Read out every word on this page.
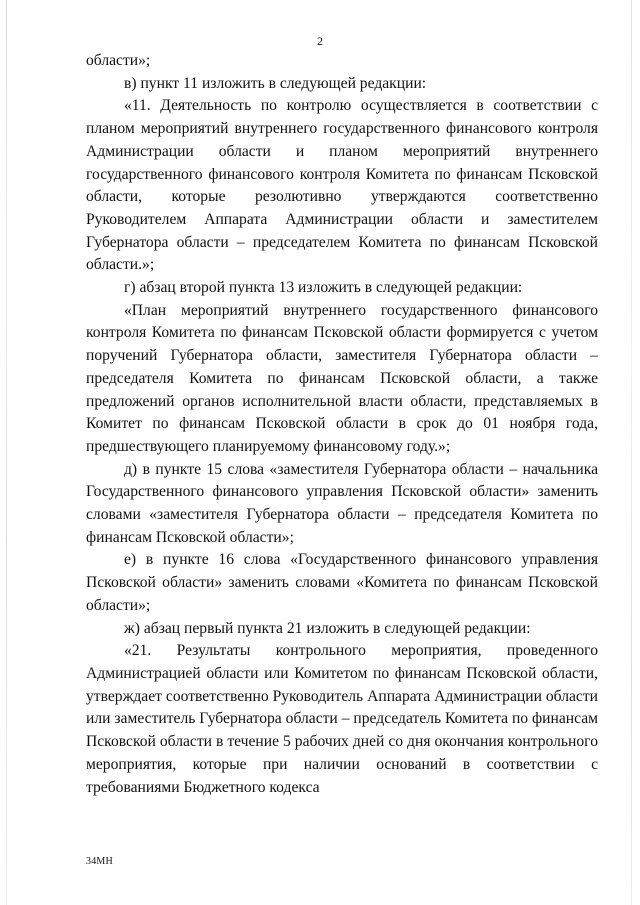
2

области»;

в) пункт 11 изложить в следующей редакции:

«11. Деятельность по контролю осуществляется в соответствии с планом мероприятий внутреннего государственного финансового контроля Администрации области и планом мероприятий внутреннего государственного финансового контроля Комитета по финансам Псковской области, которые резолютивно утверждаются соответственно Руководителем Аппарата Администрации области и заместителем Губернатора области – председателем Комитета по финансам Псковской области.»;

г) абзац второй пункта 13 изложить в следующей редакции:

«План мероприятий внутреннего государственного финансового контроля Комитета по финансам Псковской области формируется с учетом поручений Губернатора области, заместителя Губернатора области – председателя Комитета по финансам Псковской области, а также предложений органов исполнительной власти области, представляемых в Комитет по финансам Псковской области в срок до 01 ноября года, предшествующего планируемому финансовому году.»;

д) в пункте 15 слова «заместителя Губернатора области – начальника Государственного финансового управления Псковской области» заменить словами «заместителя Губернатора области – председателя Комитета по финансам Псковской области»;

е) в пункте 16 слова «Государственного финансового управления Псковской области» заменить словами «Комитета по финансам Псковской области»;

ж) абзац первый пункта 21 изложить в следующей редакции:

«21. Результаты контрольного мероприятия, проведенного Администрацией области или Комитетом по финансам Псковской области, утверждает соответственно Руководитель Аппарата Администрации области или заместитель Губернатора области – председатель Комитета по финансам Псковской области в течение 5 рабочих дней со дня окончания контрольного мероприятия, которые при наличии оснований в соответствии с требованиями Бюджетного кодекса

34МН
